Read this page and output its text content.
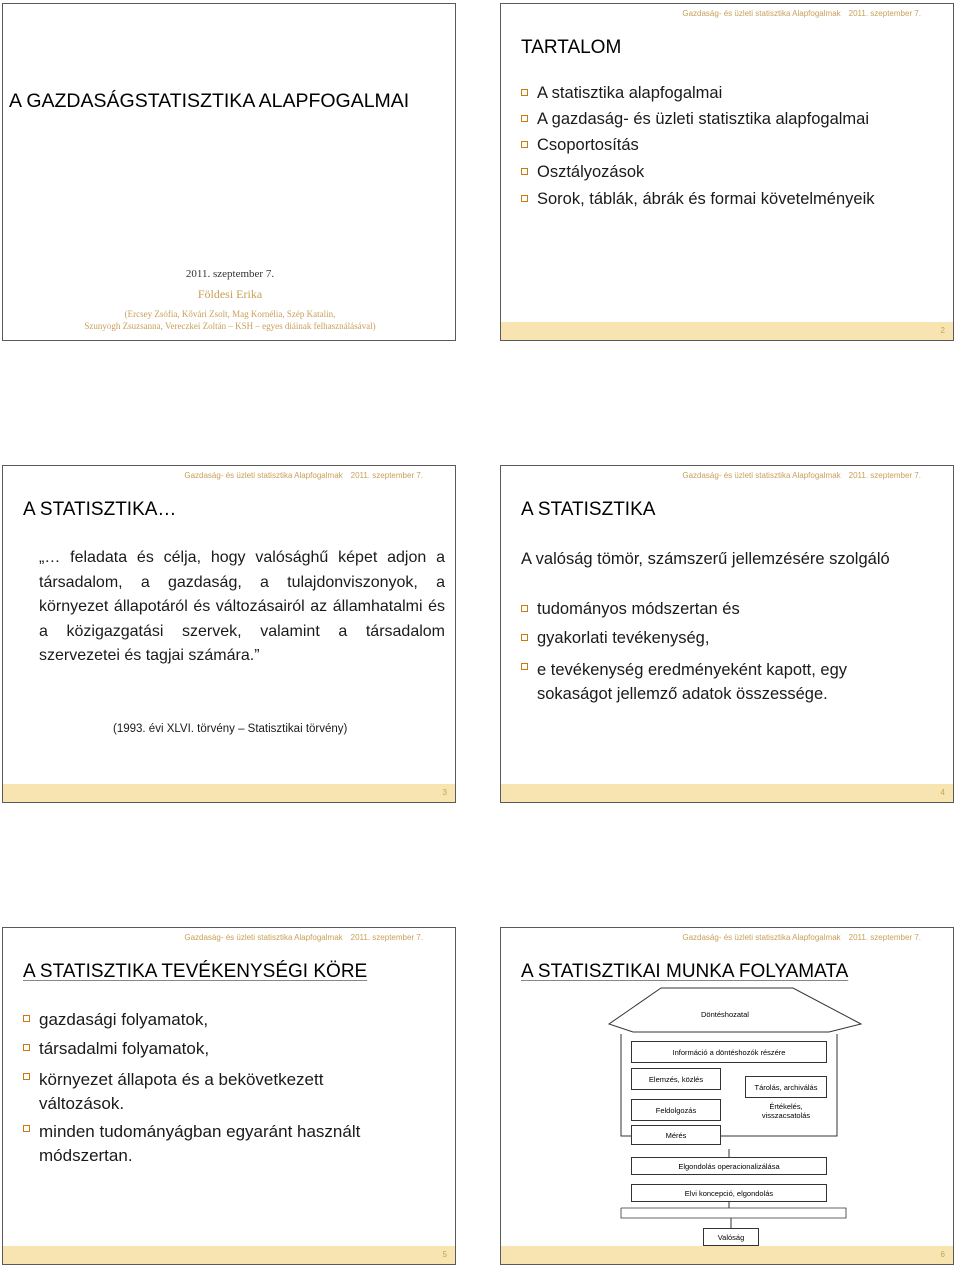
A GAZDASÁGSTATISZTIKA ALAPFOGALMAI
2011. szeptember 7.
Földesi Erika
(Ercsey Zsófia, Kővári Zsolt, Mag Kornélia, Szép Katalin,
Szunyogh Zsuzsanna, Vereczkei Zoltán – KSH – egyes diáinak felhasználásával)
Gazdaság- és üzleti statisztika Alapfogalmak 2011. szeptember 7.
TARTALOM
A statisztika alapfogalmai
A gazdaság- és üzleti statisztika alapfogalmai
Csoportosítás
Osztályozások
Sorok, táblák, ábrák és formai követelményeik
2
Gazdaság- és üzleti statisztika Alapfogalmak 2011. szeptember 7.
A STATISZTIKA…
„… feladata és célja, hogy valósághű képet adjon a társadalom, a gazdaság, a tulajdonviszonyok, a környezet állapotáról és változásairól az államhatalmi és a közigazgatási szervek, valamint a társadalom szervezetei és tagjai számára.”
(1993. évi XLVI. törvény – Statisztikai törvény)
3
Gazdaság- és üzleti statisztika Alapfogalmak 2011. szeptember 7.
A STATISZTIKA
A valóság tömör, számszerű jellemzésére szolgáló
tudományos módszertan és
gyakorlati tevékenység,
e tevékenység eredményeként kapott, egy sokaságot jellemző adatok összessége.
4
Gazdaság- és üzleti statisztika Alapfogalmak 2011. szeptember 7.
A STATISZTIKA TEVÉKENYSÉGI KÖRE
gazdasági folyamatok,
társadalmi folyamatok,
környezet állapota és a bekövetkezett változások.
minden tudományágban egyaránt használt módszertan.
5
Gazdaság- és üzleti statisztika Alapfogalmak 2011. szeptember 7.
A STATISZTIKAI MUNKA FOLYAMATA
Döntéshozatal
Információ a döntéshozók részére
Elemzés, közlés
Feldolgozás
Mérés
Tárolás, archiválás
Értékelés, visszacsatolás
Elgondolás operacionalizálása
Elvi koncepció, elgondolás
Valóság
6
